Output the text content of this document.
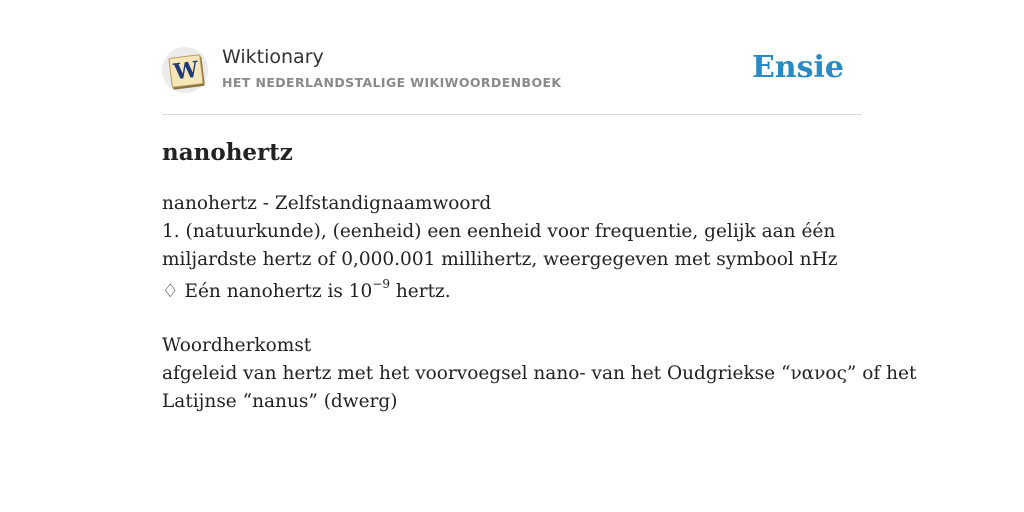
W Wiktionary
HET NEDERLANDSTALIGE WIKIWOORDENBOEK	Ensie
nanohertz
nanohertz - Zelfstandignaamwoord
1. (natuurkunde), (eenheid) een eenheid voor frequentie, gelijk aan één
miljardste hertz of 0,000.001 millihertz, weergegeven met symbool nHz
♢ Eén nanohertz is $10^{-9}$ hertz.
Woordherkomst
afgeleid van hertz met het voorvoegsel nano- van het Oudgriekse “νανος” of het
Latijnse “nanus” (dwerg)
